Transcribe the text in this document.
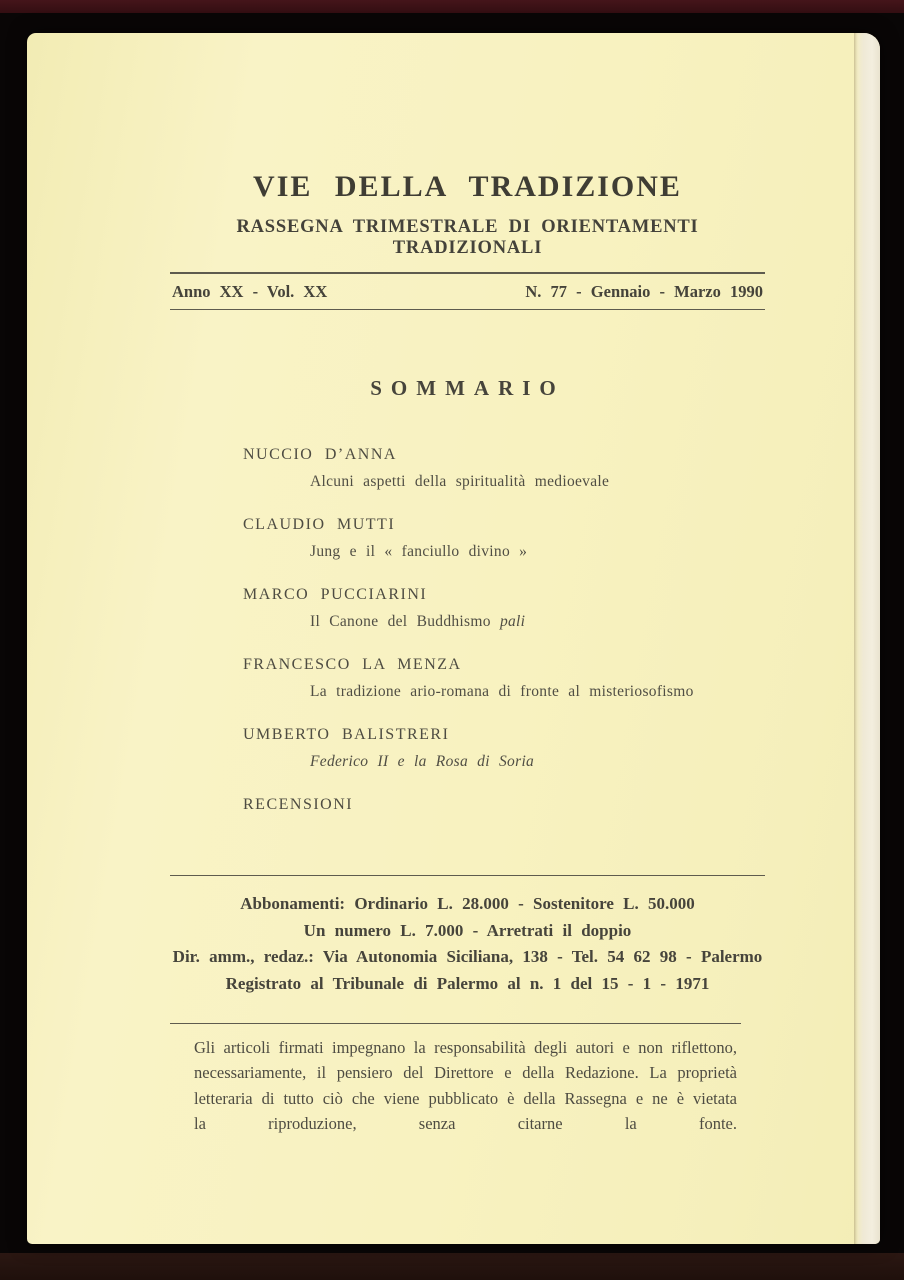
VIE DELLA TRADIZIONE
RASSEGNA TRIMESTRALE DI ORIENTAMENTI TRADIZIONALI
Anno XX - Vol. XX	N. 77 - Gennaio - Marzo 1990
SOMMARIO
NUCCIO D’ANNA
Alcuni aspetti della spiritualità medioevale
CLAUDIO MUTTI
Jung e il « fanciullo divino »
MARCO PUCCIARINI
Il Canone del Buddhismo pali
FRANCESCO LA MENZA
La tradizione ario-romana di fronte al misteriosofismo
UMBERTO BALISTRERI
Federico II e la Rosa di Soria
RECENSIONI
Abbonamenti: Ordinario L. 28.000 - Sostenitore L. 50.000
Un numero L. 7.000 - Arretrati il doppio
Dir. amm., redaz.: Via Autonomia Siciliana, 138 - Tel. 54 62 98 - Palermo
Registrato al Tribunale di Palermo al n. 1 del 15 - 1 - 1971
Gli articoli firmati impegnano la responsabilità degli autori e non riflettono, necessariamente, il pensiero del Direttore e della Redazione. La proprietà letteraria di tutto ciò che viene pubblicato è della Rassegna e ne è vietata la riproduzione, senza citarne la fonte.
